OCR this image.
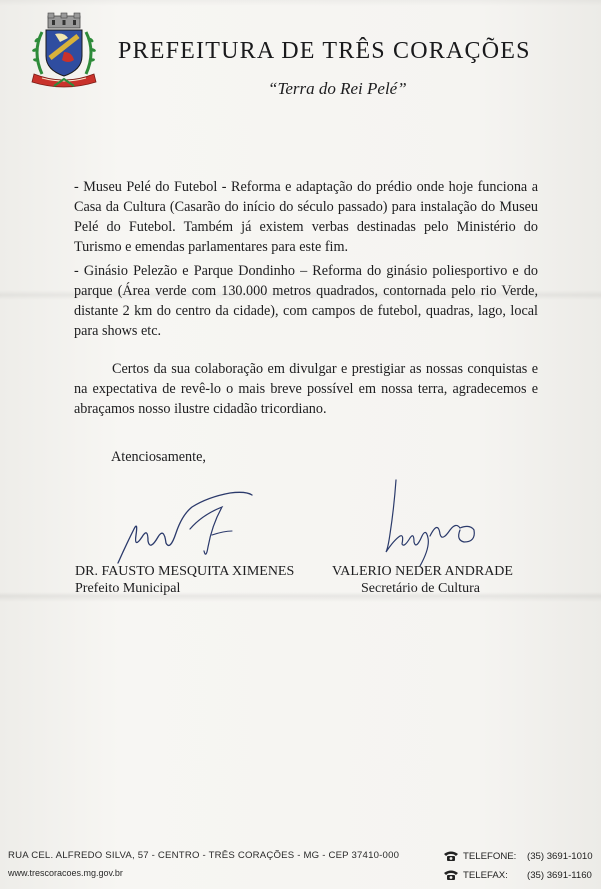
PREFEITURA DE TRÊS CORAÇÕES
“Terra do Rei Pelé”

- Museu Pelé do Futebol - Reforma e adaptação do prédio onde hoje funciona a Casa da Cultura (Casarão do início do século passado) para instalação do Museu Pelé do Futebol. Também já existem verbas destinadas pelo Ministério do Turismo e emendas parlamentares para este fim.

- Ginásio Pelezão e Parque Dondinho – Reforma do ginásio poliesportivo e do parque (Área verde com 130.000 metros quadrados, contornada pelo rio Verde, distante 2 km do centro da cidade), com campos de futebol, quadras, lago, local para shows etc.

Certos da sua colaboração em divulgar e prestigiar as nossas conquistas e na expectativa de revê-lo o mais breve possível em nossa terra, agradecemos e abraçamos nosso ilustre cidadão tricordiano.

Atenciosamente,
DR. FAUSTO MESQUITA XIMENES
Prefeito Municipal
VALERIO NEDER ANDRADE
Secretário de Cultura
RUA CEL. ALFREDO SILVA, 57 - CENTRO - TRÊS CORAÇÕES - MG - CEP 37410-000
www.trescoracoes.mg.gov.br
TELEFONE:	(35) 3691-1010
TELEFAX:	(35) 3691-1160
